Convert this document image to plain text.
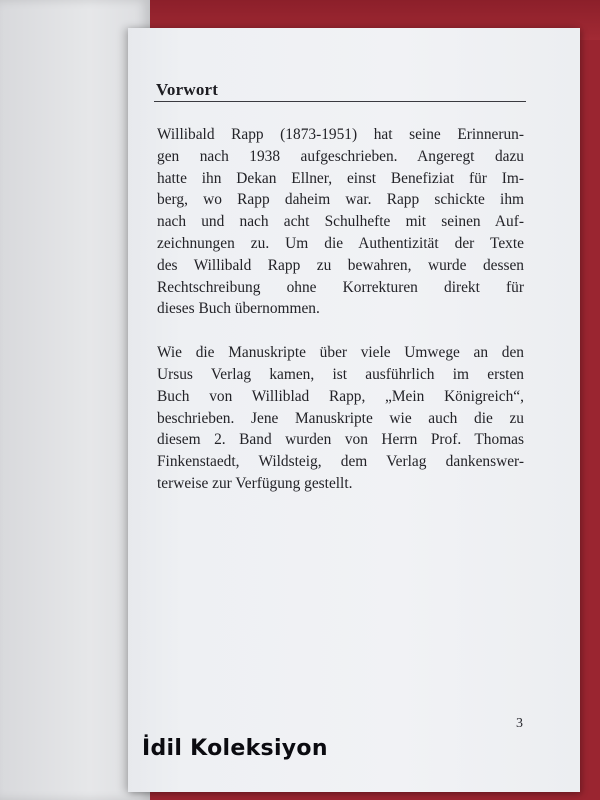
Vorwort

Willibald Rapp (1873-1951) hat seine Erinnerun-
gen nach 1938 aufgeschrieben. Angeregt dazu
hatte ihn Dekan Ellner, einst Benefiziat für Im-
berg, wo Rapp daheim war. Rapp schickte ihm
nach und nach acht Schulhefte mit seinen Auf-
zeichnungen zu. Um die Authentizität der Texte
des Willibald Rapp zu bewahren, wurde dessen
Rechtschreibung ohne Korrekturen direkt für
dieses Buch übernommen.

Wie die Manuskripte über viele Umwege an den
Ursus Verlag kamen, ist ausführlich im ersten
Buch von Williblad Rapp, „Mein Königreich“,
beschrieben. Jene Manuskripte wie auch die zu
diesem 2. Band wurden von Herrn Prof. Thomas
Finkenstaedt, Wildsteig, dem Verlag dankenswer-
terweise zur Verfügung gestellt.

3
İdil Koleksiyon
